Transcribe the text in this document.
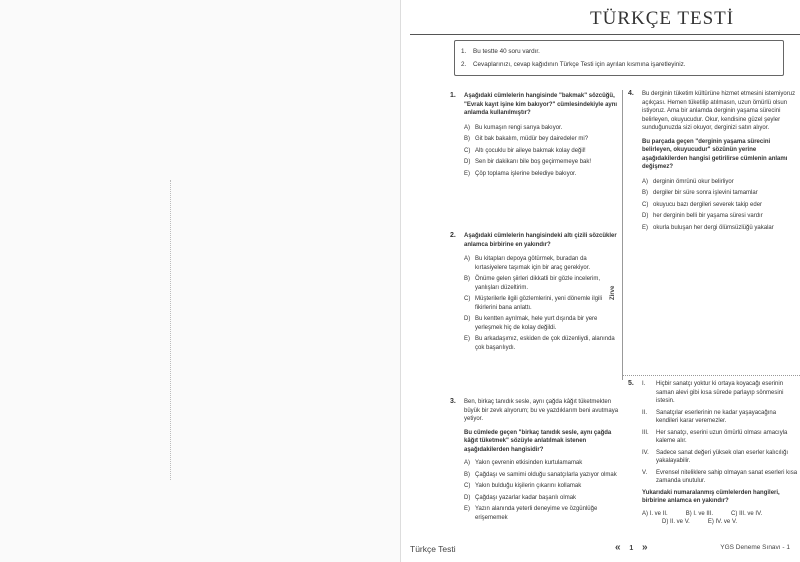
TÜRKÇE TESTİ
1. Bu testte 40 soru vardır.
2. Cevaplarınızı, cevap kağıdının Türkçe Testi için ayrılan kısmına işaretleyiniz.
Zirve
1. Aşağıdaki cümlelerin hangisinde "bakmak" sözcüğü, "Evrak kayıt işine kim bakıyor?" cümlesindekiyle aynı anlamda kullanılmıştır?
A) Bu kumaşın rengi sarıya bakıyor.
B) Git bak bakalım, müdür bey dairedeler mi?
C) Altı çocuklu bir aileye bakmak kolay değil!
D) Sen bir dakikanı bile boş geçirmemeye bak!
E) Çöp toplama işlerine belediye bakıyor.
2. Aşağıdaki cümlelerin hangisindeki altı çizili sözcükler anlamca birbirine en yakındır?
A) Bu kitapları depoya götürmek, buradan da kırtasiyelere taşımak için bir araç gerekiyor.
B) Önüme gelen şiirleri dikkatli bir gözle incelerim, yanlışları düzeltirim.
C) Müşterilerle ilgili gözlemlerini, yeni dönemle ilgili fikirlerini bana anlattı.
D) Bu kentten ayrılmak, hele yurt dışında bir yere yerleşmek hiç de kolay değildi.
E) Bu arkadaşımız, eskiden de çok düzenliydi, alanında çok başarılıydı.
3. Ben, birkaç tanıdık sesle, aynı çağda kâğıt tüketmekten büyük bir zevk alıyorum; bu ve yazdıklarım beni avutmaya yetiyor.
Bu cümlede geçen "birkaç tanıdık sesle, aynı çağda kâğıt tüketmek" sözüyle anlatılmak istenen aşağıdakilerden hangisidir?
A) Yakın çevrenin etkisinden kurtulamamak
B) Çağdaşı ve samimi olduğu sanatçılarla yazıyor olmak
C) Yakın bulduğu kişilerin çıkarını kollamak
D) Çağdaşı yazarlar kadar başarılı olmak
E) Yazın alanında yeterli deneyime ve özgünlüğe erişememek
4. Bu derginin tüketim kültürüne hizmet etmesini istemiyoruz açıkçası. Hemen tüketilip atılmasın, uzun ömürlü olsun istiyoruz. Ama bir anlamda derginin yaşama sürecini belirleyen, okuyucudur. Okur, kendisine güzel şeyler sunduğunuzda sizi okuyor, derginizi satın alıyor.
Bu parçada geçen "derginin yaşama sürecini belirleyen, okuyucudur" sözünün yerine aşağıdakilerden hangisi getirilirse cümlenin anlamı değişmez?
A) derginin ömrünü okur belirliyor
B) dergiler bir süre sonra işlevini tamamlar
C) okuyucu bazı dergileri severek takip eder
D) her derginin belli bir yaşama süresi vardır
E) okurla buluşan her dergi ölümsüzlüğü yakalar
5. I.	Hiçbir sanatçı yoktur ki ortaya koyacağı eserinin saman alevi gibi kısa sürede parlayıp sönmesini istesin.
II.	Sanatçılar eserlerinin ne kadar yaşayacağına kendileri karar veremezler.
III.	Her sanatçı, eserini uzun ömürlü olması amacıyla kaleme alır.
IV.	Sadece sanat değeri yüksek olan eserler kalıcılığı yakalayabilir.
V.	Evrensel niteliklere sahip olmayan sanat eserleri kısa zamanda unutulur.
Yukarıdaki numaralanmış cümlelerden hangileri, birbirine anlamca en yakındır?
A) I. ve II.	B) I. ve III.	C) III. ve IV.
D) II. ve V.	E) IV. ve V.
Türkçe Testi	« 1 »	YGS Deneme Sınavı - 1
